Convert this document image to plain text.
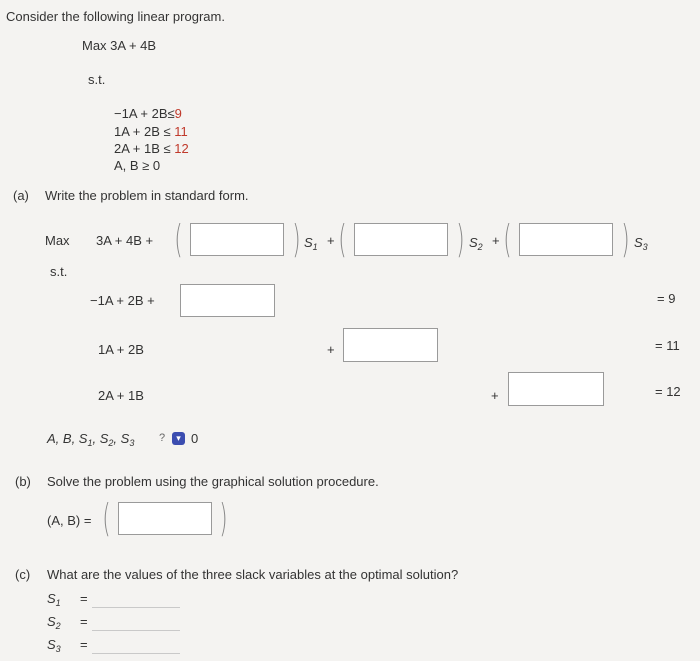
Consider the following linear program.
Max 3A + 4B
s.t.
−1A + 2B≤9
1A + 2B ≤ 11
2A + 1B ≤ 12
A, B ≥ 0
(a) Write the problem in standard form.
Max 3A + 4B + (	) $S_1$ + (	) $S_2$ + (	) $S_3$
s.t.
−1A + 2B +	= 9
1A + 2B	+	= 11
2A + 1B	+	= 12
A, B, $S_1$, $S_2$, $S_3$ ?	▾ 0
(b) Solve the problem using the graphical solution procedure.
(A, B) = (	)
(c) What are the values of the three slack variables at the optimal solution?
$S_1$ =
$S_2$ =
$S_3$ =
